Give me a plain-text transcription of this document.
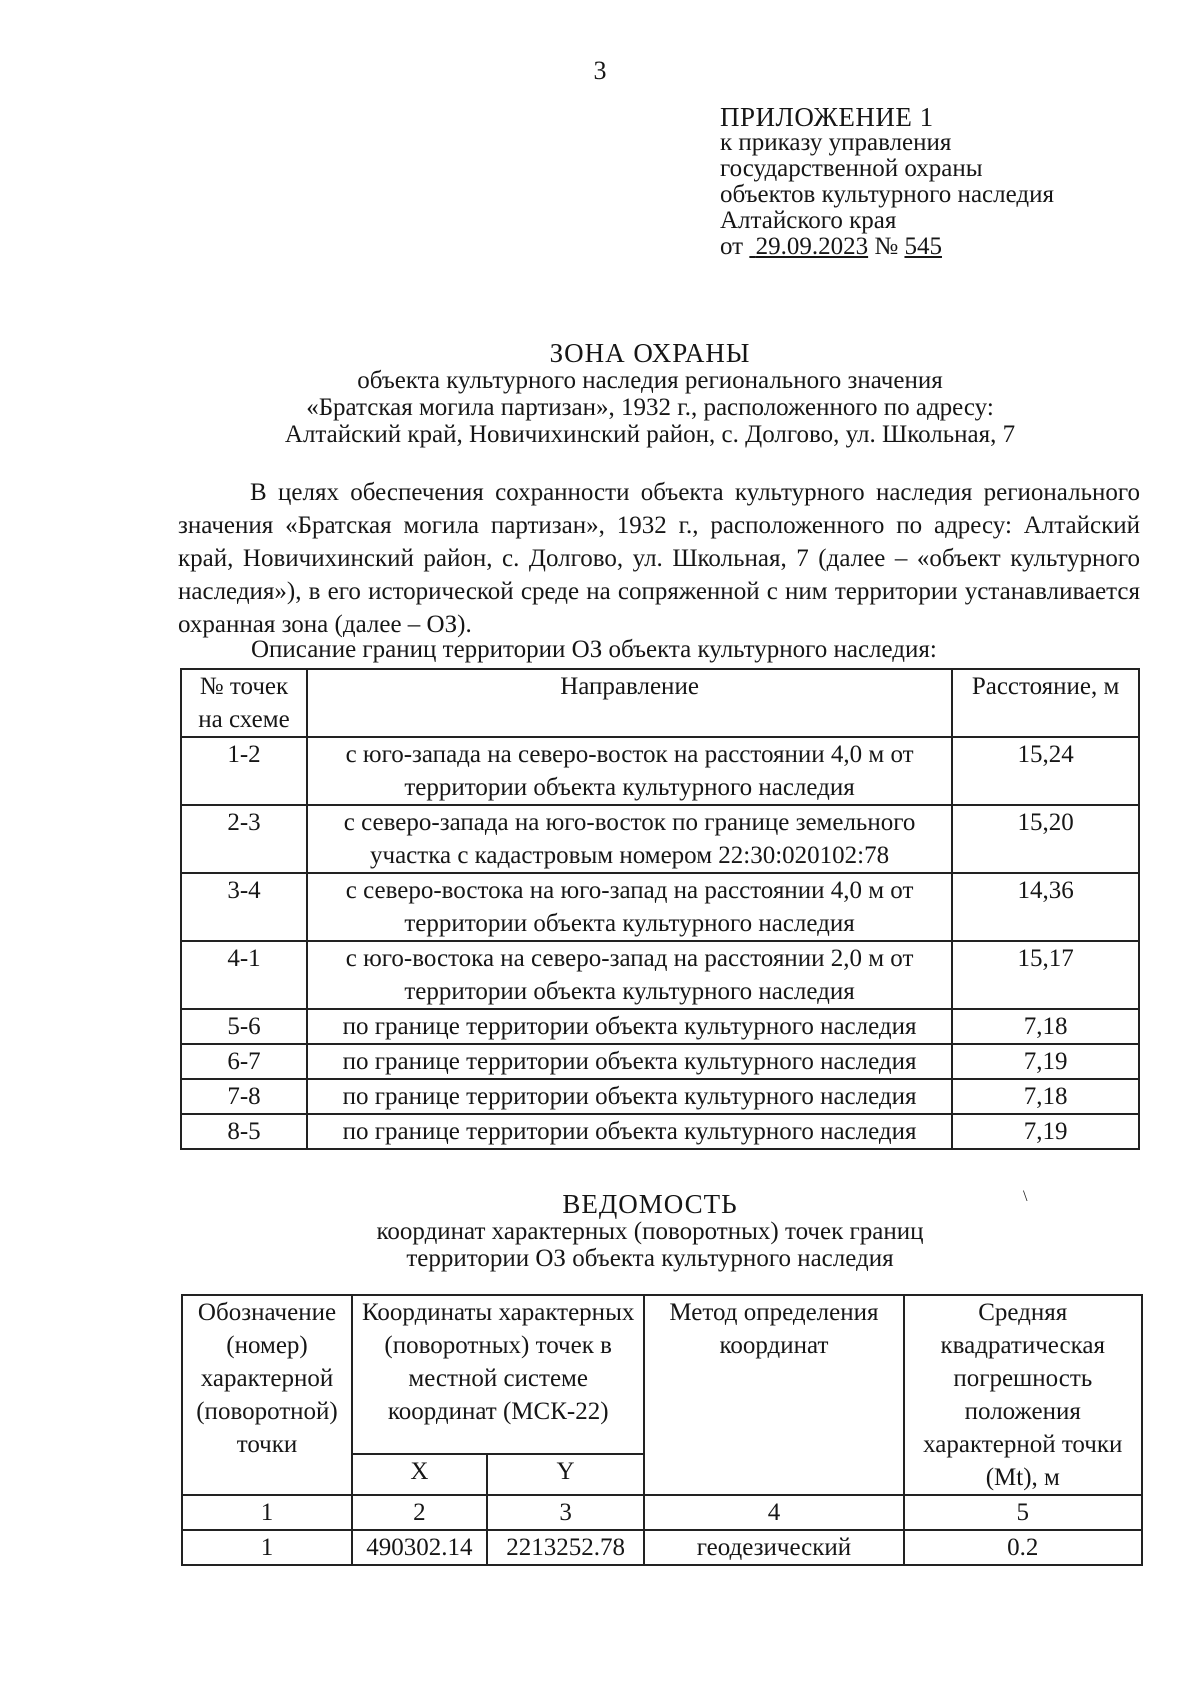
3
ПРИЛОЖЕНИЕ 1
к приказу управления
государственной охраны
объектов культурного наследия
Алтайского края
от 29.09.2023 № 545
ЗОНА ОХРАНЫ
объекта культурного наследия регионального значения
«Братская могила партизан», 1932 г., расположенного по адресу:
Алтайский край, Новичихинский район, с. Долгово, ул. Школьная, 7

В целях обеспечения сохранности объекта культурного наследия регионального значения «Братская могила партизан», 1932 г., расположенного по адресу: Алтайский край, Новичихинский район, с. Долгово, ул. Школьная, 7 (далее – «объект культурного наследия»), в его исторической среде на сопряженной с ним территории устанавливается охранная зона (далее – ОЗ).

Описание границ территории ОЗ объекта культурного наследия:
№ точек на схеме	Направление	Расстояние, м
1-2	с юго-запада на северо-восток на расстоянии 4,0 м от территории объекта культурного наследия	15,24
2-3	с северо-запада на юго-восток по границе земельного участка с кадастровым номером 22:30:020102:78	15,20
3-4	с северо-востока на юго-запад на расстоянии 4,0 м от территории объекта культурного наследия	14,36
4-1	с юго-востока на северо-запад на расстоянии 2,0 м от территории объекта культурного наследия	15,17
5-6	по границе территории объекта культурного наследия	7,18
6-7	по границе территории объекта культурного наследия	7,19
7-8	по границе территории объекта культурного наследия	7,18
8-5	по границе территории объекта культурного наследия	7,19
ВЕДОМОСТЬ
координат характерных (поворотных) точек границ
территории ОЗ объекта культурного наследия
\
Обозначение (номер) характерной (поворотной) точки	Координаты характерных (поворотных) точек в местной системе координат (МСК-22)		Метод определения координат	Средняя квадратическая погрешность положения характерной точки (Mt), м
	X	Y		
1	2	3	4	5
1	490302.14	2213252.78	геодезический	0.2
